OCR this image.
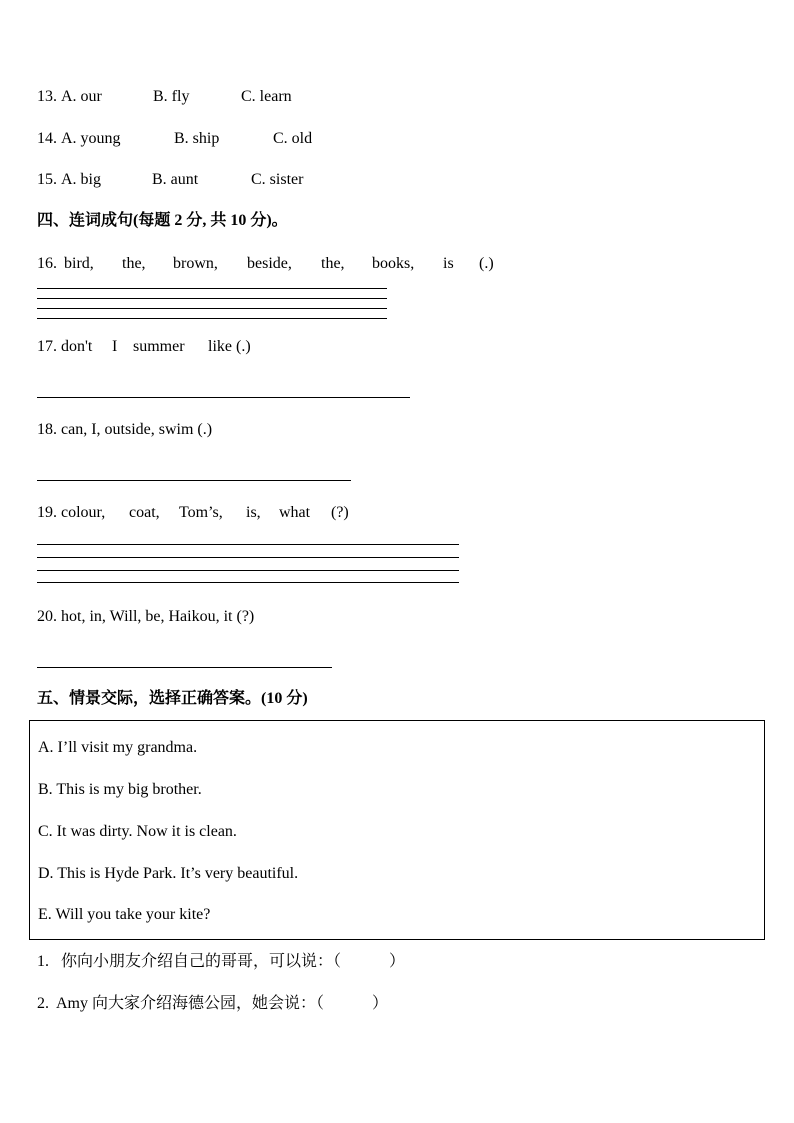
13. A. our	B. fly	C. learn
14. A. young	B. ship	C. old
15. A. big	B. aunt	C. sister
四、连词成句(每题 2 分, 共 10 分)。
16. bird, the, brown, beside, the, books, is (.)
17. don't I summer like (.)
18. can, I, outside, swim (.)
19. colour, coat, Tom’s, is, what (?)
20. hot, in, Will, be, Haikou, it (?)
五、情景交际，选择正确答案。(10 分)
A. I’ll visit my grandma.
B. This is my big brother.
C. It was dirty. Now it is clean.
D. This is Hyde Park. It’s very beautiful.
E. Will you take your kite?
1. 你向小朋友介绍自己的哥哥，可以说：（　　　）
2. Amy 向大家介绍海德公园，她会说：（　　　）
